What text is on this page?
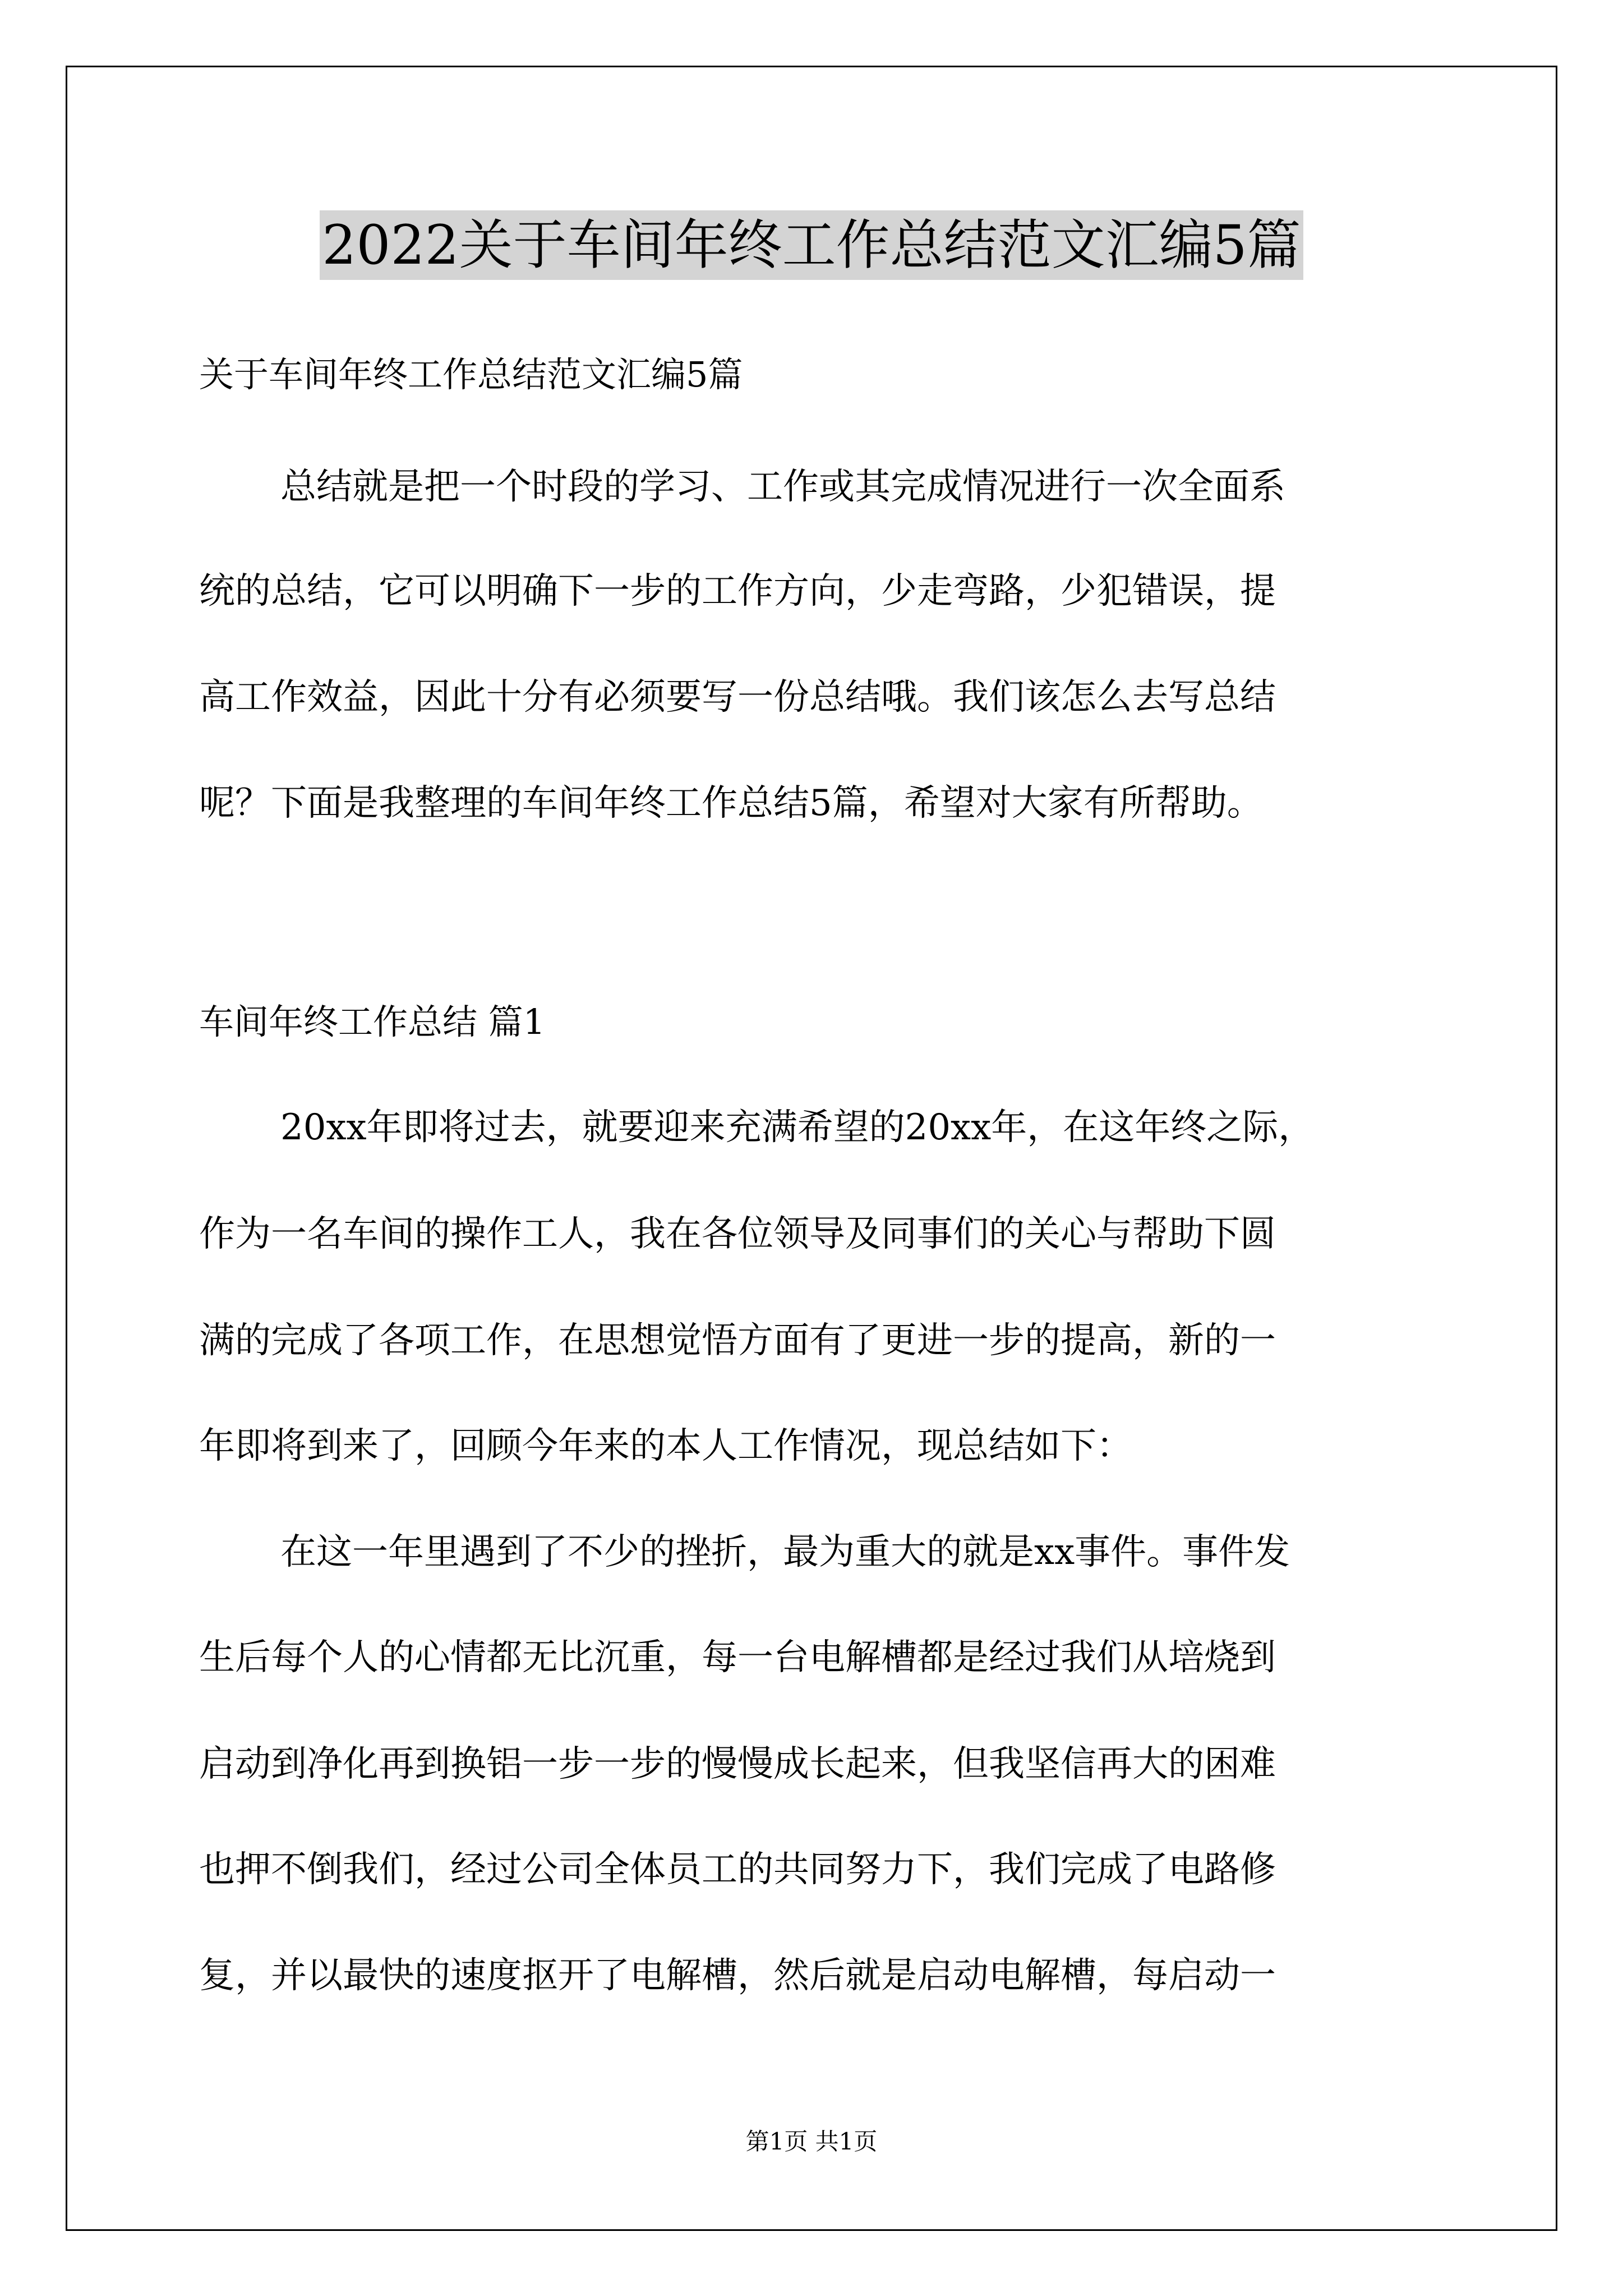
2022关于车间年终工作总结范文汇编5篇
关于车间年终工作总结范文汇编5篇
总结就是把一个时段的学习、工作或其完成情况进行一次全面系
统的总结，它可以明确下一步的工作方向，少走弯路，少犯错误，提
高工作效益，因此十分有必须要写一份总结哦。我们该怎么去写总结
呢？下面是我整理的车间年终工作总结5篇，希望对大家有所帮助。
车间年终工作总结 篇1
20xx年即将过去，就要迎来充满希望的20xx年，在这年终之际，
作为一名车间的操作工人，我在各位领导及同事们的关心与帮助下圆
满的完成了各项工作，在思想觉悟方面有了更进一步的提高，新的一
年即将到来了，回顾今年来的本人工作情况，现总结如下：
在这一年里遇到了不少的挫折，最为重大的就是xx事件。事件发
生后每个人的心情都无比沉重，每一台电解槽都是经过我们从培烧到
启动到净化再到换铝一步一步的慢慢成长起来，但我坚信再大的困难
也押不倒我们，经过公司全体员工的共同努力下，我们完成了电路修
复，并以最快的速度抠开了电解槽，然后就是启动电解槽，每启动一
第1页 共1页
